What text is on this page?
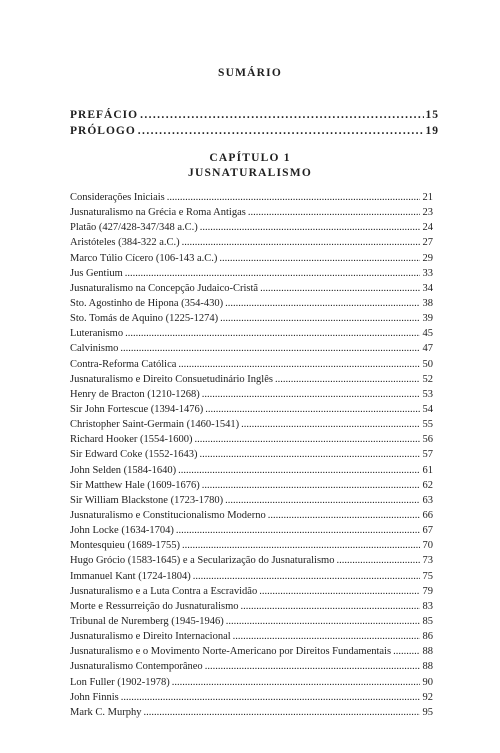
SUMÁRIO
PREFÁCIO .....	15
PRÓLOGO .....	19
CAPÍTULO 1
JUSNATURALISMO
Considerações Iniciais .....	21
Jusnaturalismo na Grécia e Roma Antigas .....	23
Platão (427/428-347/348 a.C.) .....	24
Aristóteles (384-322 a.C.) .....	27
Marco Túlio Cícero (106-143 a.C.) .....	29
Jus Gentium .....	33
Jusnaturalismo na Concepção Judaico-Cristã .....	34
Sto. Agostinho de Hipona (354-430) .....	38
Sto. Tomás de Aquino (1225-1274) .....	39
Luteranismo .....	45
Calvinismo .....	47
Contra-Reforma Católica .....	50
Jusnaturalismo e Direito Consuetudinário Inglês .....	52
Henry de Bracton (1210-1268) .....	53
Sir John Fortescue (1394-1476) .....	54
Christopher Saint-Germain (1460-1541) .....	55
Richard Hooker (1554-1600) .....	56
Sir Edward Coke (1552-1643) .....	57
John Selden (1584-1640) .....	61
Sir Matthew Hale (1609-1676) .....	62
Sir William Blackstone (1723-1780) .....	63
Jusnaturalismo e Constitucionalismo Moderno .....	66
John Locke (1634-1704) .....	67
Montesquieu (1689-1755) .....	70
Hugo Grócio (1583-1645) e a Secularização do Jusnaturalismo .....	73
Immanuel Kant (1724-1804) .....	75
Jusnaturalismo e a Luta Contra a Escravidão .....	79
Morte e Ressurreição do Jusnaturalismo .....	83
Tribunal de Nuremberg (1945-1946) .....	85
Jusnaturalismo e Direito Internacional .....	86
Jusnaturalismo e o Movimento Norte-Americano por Direitos Fundamentais .....	88
Jusnaturalismo Contemporâneo .....	88
Lon Fuller (1902-1978) .....	90
John Finnis .....	92
Mark C. Murphy .....	95
